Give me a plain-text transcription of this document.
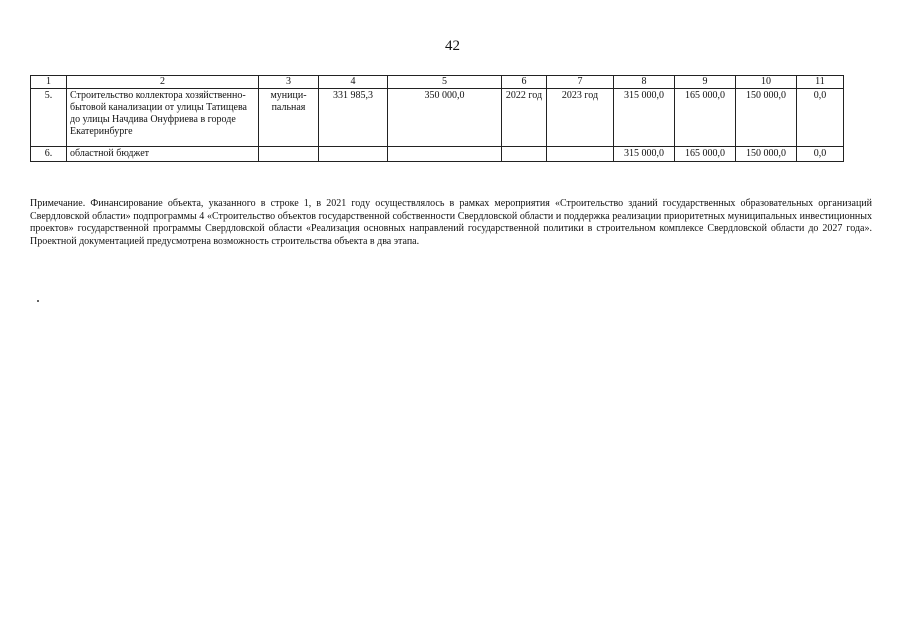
42
1	2	3	4	5	6	7	8	9	10	11
5.	Строительство коллектора хозяйственно-бытовой канализации от улицы Татищева до улицы Начдива Онуфриева в городе Екатеринбурге	муници-пальная	331 985,3	350 000,0	2022 год	2023 год	315 000,0	165 000,0	150 000,0	0,0
6.	областной бюджет						315 000,0	165 000,0	150 000,0	0,0

Примечание. Финансирование объекта, указанного в строке 1, в 2021 году осуществлялось в рамках мероприятия «Строительство зданий государственных образовательных организаций Свердловской области» подпрограммы 4 «Строительство объектов государственной собственности Свердловской области и поддержка реализации приоритетных муниципальных инвестиционных проектов» государственной программы Свердловской области «Реализация основных направлений государственной политики в строительном комплексе Свердловской области до 2027 года». Проектной документацией предусмотрена возможность строительства объекта в два этапа.
